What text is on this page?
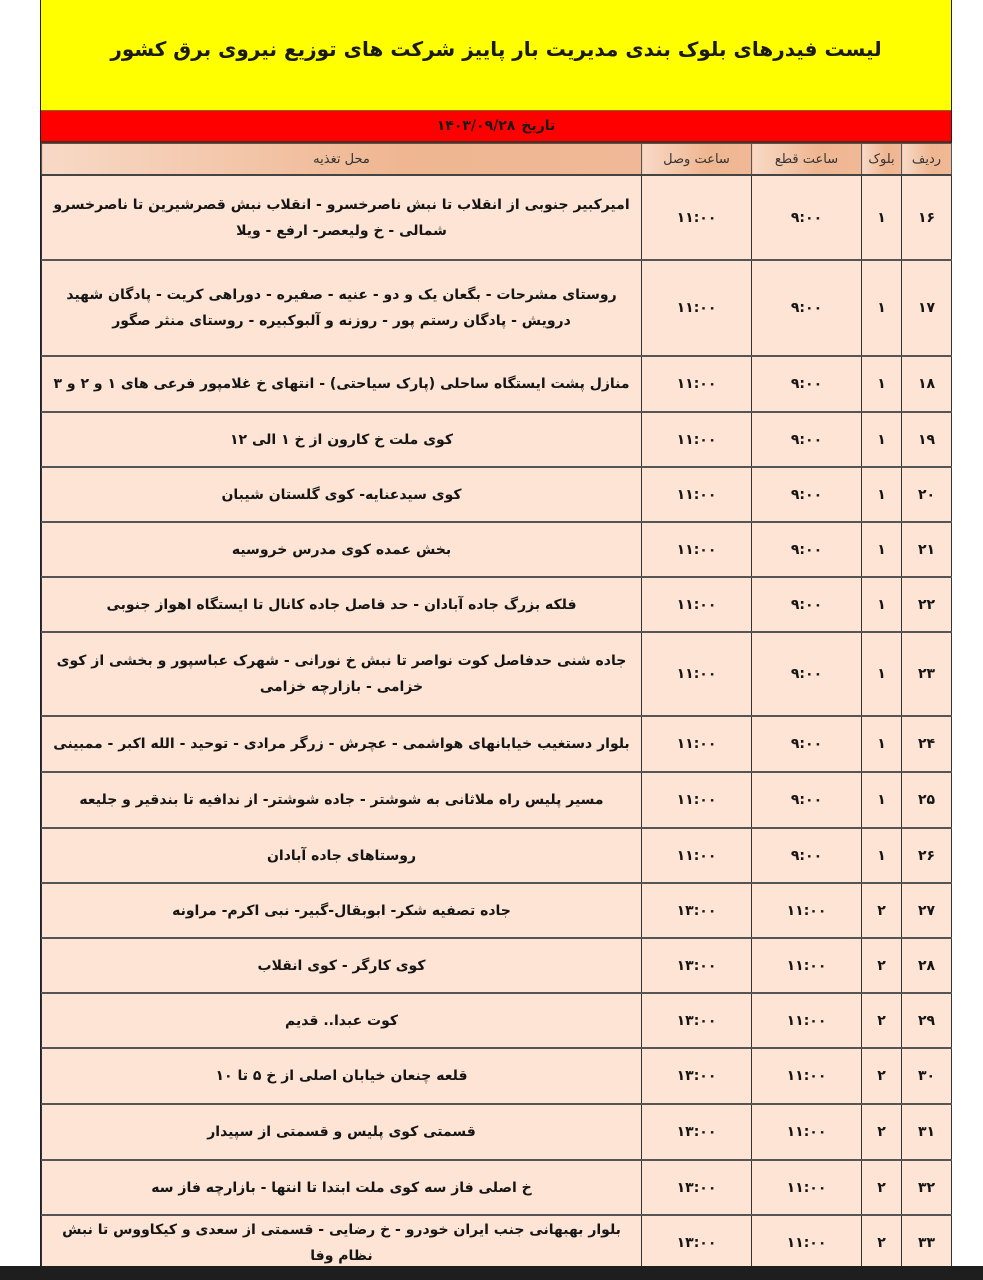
لیست فیدرهای بلوک بندی مدیریت بار پاییز شرکت های توزیع نیروی برق کشور
تاریخ
۱۴۰۳/۰۹/۲۸
ردیف	بلوک	ساعت قطع	ساعت وصل	محل تغذیه
۱۶	۱	۹:۰۰	۱۱:۰۰	امیرکبیر جنوبی از انقلاب تا نبش ناصرخسرو - انقلاب نبش قصرشیرین تا ناصرخسرو شمالی - خ ولیعصر- ارفع - ویلا
۱۷	۱	۹:۰۰	۱۱:۰۰	روستای مشرحات - بگعان یک و دو - عنیه - صفیره - دوراهی کریت - پادگان شهید درویش - پادگان رستم پور - روزنه و آلبوکبیره - روستای منثر صگور
۱۸	۱	۹:۰۰	۱۱:۰۰	منازل پشت ایستگاه ساحلی (پارک سیاحتی) - انتهای خ غلامپور فرعی های ۱ و ۲ و ۳
۱۹	۱	۹:۰۰	۱۱:۰۰	کوی ملت خ کارون از خ ۱ الی ۱۲
۲۰	۱	۹:۰۰	۱۱:۰۰	کوی سیدعنایه- کوی گلستان شیبان
۲۱	۱	۹:۰۰	۱۱:۰۰	بخش عمده کوی مدرس خروسیه
۲۲	۱	۹:۰۰	۱۱:۰۰	فلکه بزرگ جاده آبادان - حد فاصل جاده کانال تا ایستگاه اهواز جنوبی
۲۳	۱	۹:۰۰	۱۱:۰۰	جاده شنی حدفاصل کوت نواصر تا نبش خ نورانی - شهرک عباسپور و بخشی از کوی خزامی - بازارچه خزامی
۲۴	۱	۹:۰۰	۱۱:۰۰	بلوار دستغیب خیابانهای هواشمی - عچرش - زرگر مرادی - توحید - الله اکبر - ممبینی
۲۵	۱	۹:۰۰	۱۱:۰۰	مسیر پلیس راه ملاثانی به شوشتر - جاده شوشتر- از ندافیه تا بندقیر و جلیعه
۲۶	۱	۹:۰۰	۱۱:۰۰	روستاهای جاده آبادان
۲۷	۲	۱۱:۰۰	۱۳:۰۰	جاده تصفیه شکر- ابوبقال-گبیر- نبی اکرم- مراونه
۲۸	۲	۱۱:۰۰	۱۳:۰۰	کوی کارگر - کوی انقلاب
۲۹	۲	۱۱:۰۰	۱۳:۰۰	کوت عبدا.. قدیم
۳۰	۲	۱۱:۰۰	۱۳:۰۰	قلعه چنعان خیابان اصلی از خ ۵ تا ۱۰
۳۱	۲	۱۱:۰۰	۱۳:۰۰	قسمتی کوی پلیس و قسمتی از سپیدار
۳۲	۲	۱۱:۰۰	۱۳:۰۰	خ اصلی فاز سه کوی ملت ابتدا تا انتها - بازارچه فاز سه
۳۳	۲	۱۱:۰۰	۱۳:۰۰	بلوار بهبهانی جنب ایران خودرو - خ رضایی - قسمتی از سعدی و کیکاووس تا نبش نظام وفا
